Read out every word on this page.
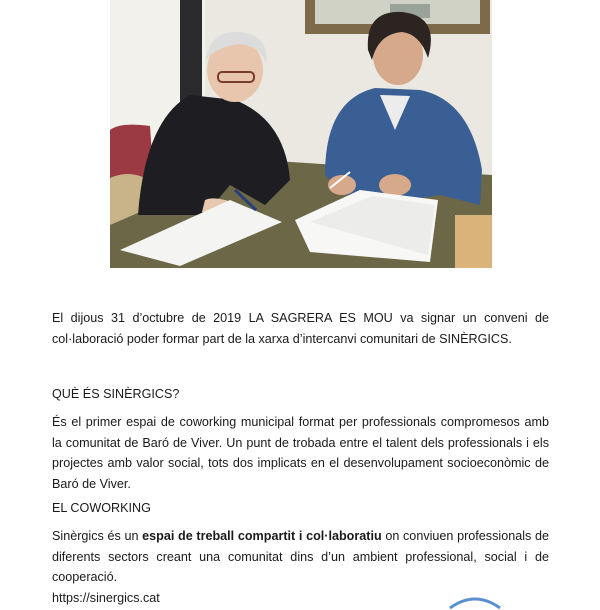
El dijous 31 d’octubre de 2019 LA SAGRERA ES MOU va signar un conveni de col·laboració poder formar part de la xarxa d’intercanvi comunitari de SINÈRGICS.

QUÈ ÉS SINÈRGICS?

És el primer espai de coworking municipal format per professionals compromesos amb la comunitat de Baró de Viver. Un punt de trobada entre el talent dels professionals i els projectes amb valor social, tots dos implicats en el desenvolupament socioeconòmic de Baró de Viver.

EL COWORKING

Sinèrgics és un espai de treball compartit i col·laboratiu on conviuen professionals de diferents sectors creant una comunitat dins d’un ambient professional, social i de cooperació.

https://sinergics.cat
